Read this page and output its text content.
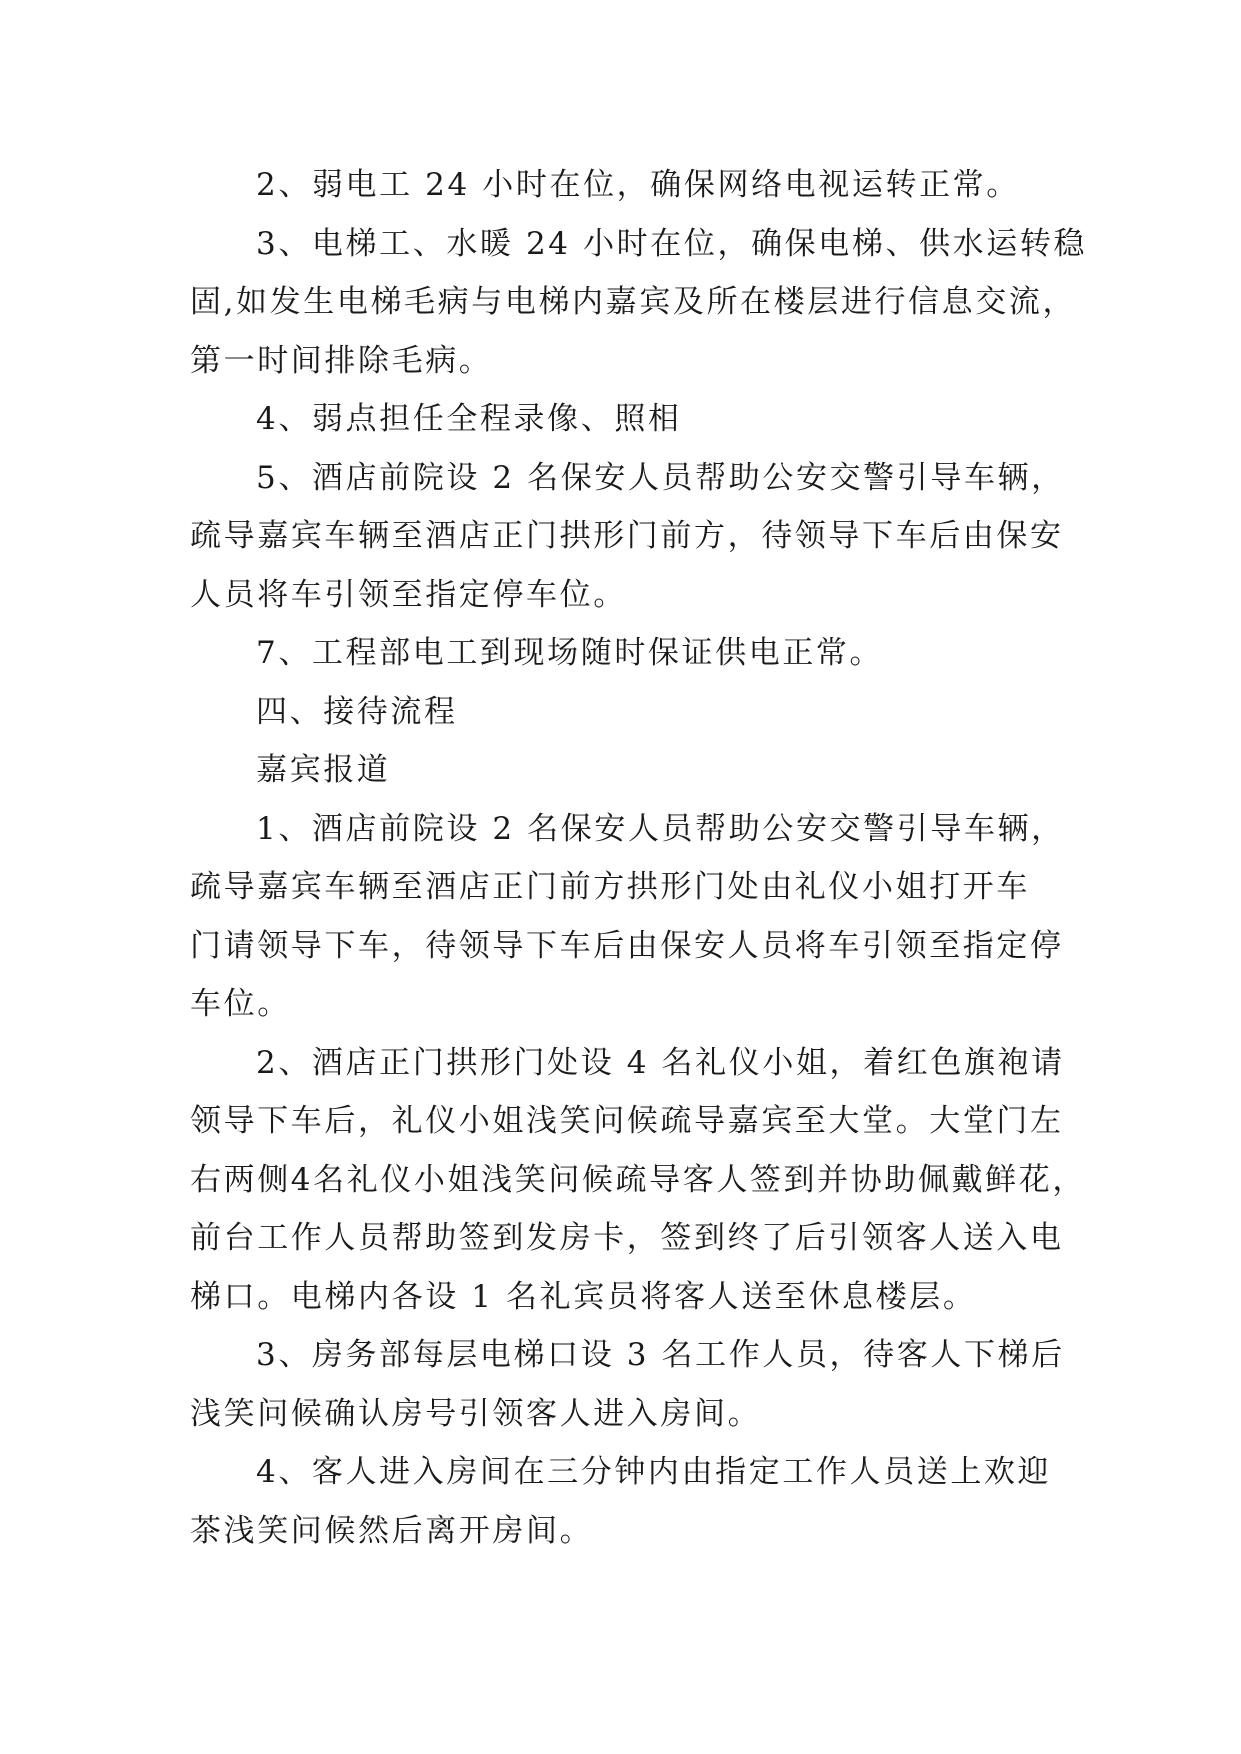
2、弱电工 24 小时在位，确保网络电视运转正常。
3、电梯工、水暖 24 小时在位，确保电梯、供水运转稳
固,如发生电梯毛病与电梯内嘉宾及所在楼层进行信息交流，
第一时间排除毛病。
4、弱点担任全程录像、照相
5、酒店前院设 2 名保安人员帮助公安交警引导车辆，
疏导嘉宾车辆至酒店正门拱形门前方，待领导下车后由保安
人员将车引领至指定停车位。
7、工程部电工到现场随时保证供电正常。
四、接待流程
嘉宾报道
1、酒店前院设 2 名保安人员帮助公安交警引导车辆，
疏导嘉宾车辆至酒店正门前方拱形门处由礼仪小姐打开车
门请领导下车，待领导下车后由保安人员将车引领至指定停
车位。
2、酒店正门拱形门处设 4 名礼仪小姐，着红色旗袍请
领导下车后，礼仪小姐浅笑问候疏导嘉宾至大堂。大堂门左
右两侧4名礼仪小姐浅笑问候疏导客人签到并协助佩戴鲜花，
前台工作人员帮助签到发房卡，签到终了后引领客人送入电
梯口。电梯内各设 1 名礼宾员将客人送至休息楼层。
3、房务部每层电梯口设 3 名工作人员，待客人下梯后
浅笑问候确认房号引领客人进入房间。
4、客人进入房间在三分钟内由指定工作人员送上欢迎
茶浅笑问候然后离开房间。
